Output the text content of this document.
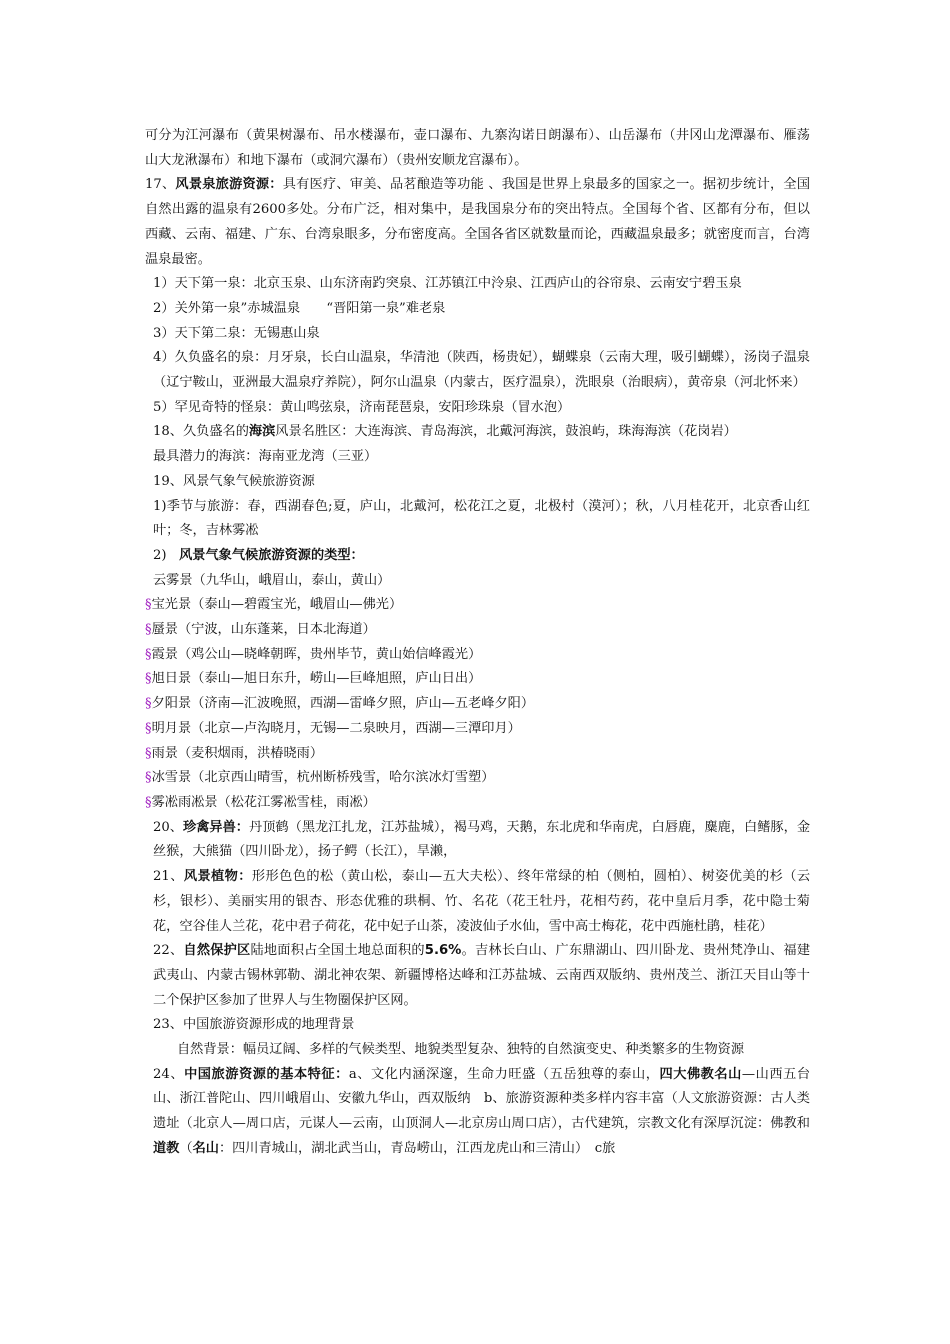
可分为江河瀑布（黄果树瀑布、吊水楼瀑布，壶口瀑布、九寨沟诺日朗瀑布）、山岳瀑布（井冈山龙潭瀑布、雁荡山大龙湫瀑布）和地下瀑布（或洞穴瀑布）（贵州安顺龙宫瀑布）。

17、风景泉旅游资源：具有医疗、审美、品茗酿造等功能 、我国是世界上泉最多的国家之一。据初步统计，全国自然出露的温泉有2600多处。分布广泛，相对集中，是我国泉分布的突出特点。全国每个省、区都有分布，但以西藏、云南、福建、广东、台湾泉眼多，分布密度高。全国各省区就数量而论，西藏温泉最多；就密度而言，台湾温泉最密。

1）天下第一泉：北京玉泉、山东济南趵突泉、江苏镇江中泠泉、江西庐山的谷帘泉、云南安宁碧玉泉

2）关外第一泉”赤城温泉　　“晋阳第一泉”难老泉

3）天下第二泉：无锡惠山泉

4）久负盛名的泉：月牙泉，长白山温泉，华清池（陕西，杨贵妃），蝴蝶泉（云南大理，吸引蝴蝶），汤岗子温泉（辽宁鞍山，亚洲最大温泉疗养院），阿尔山温泉（内蒙古，医疗温泉），洗眼泉（治眼病），黄帝泉（河北怀来）

5）罕见奇特的怪泉：黄山鸣弦泉，济南琵琶泉，安阳珍珠泉（冒水泡）

18、久负盛名的海滨风景名胜区：大连海滨、青岛海滨，北戴河海滨，鼓浪屿，珠海海滨（花岗岩）

最具潜力的海滨：海南亚龙湾（三亚）

19、风景气象气候旅游资源

1)季节与旅游：春，西湖春色;夏，庐山，北戴河，松花江之夏，北极村（漠河）；秋，八月桂花开，北京香山红叶；冬，吉林雾凇

2) 风景气象气候旅游资源的类型：

云雾景（九华山，峨眉山，泰山，黄山）

§宝光景（泰山—碧霞宝光，峨眉山—佛光）

§蜃景（宁波，山东蓬莱，日本北海道）

§霞景（鸡公山—晓峰朝晖，贵州毕节，黄山始信峰霞光）

§旭日景（泰山—旭日东升，崂山—巨峰旭照，庐山日出）

§夕阳景（济南—汇波晚照，西湖—雷峰夕照，庐山—五老峰夕阳）

§明月景（北京—卢沟晓月，无锡—二泉映月，西湖—三潭印月）

§雨景（麦积烟雨，洪椿晓雨）

§冰雪景（北京西山晴雪，杭州断桥残雪，哈尔滨冰灯雪塑）

§雾凇雨凇景（松花江雾凇雪桂，雨凇）

20、珍禽异兽：丹顶鹤（黑龙江扎龙，江苏盐城），褐马鸡，天鹅，东北虎和华南虎，白唇鹿，麋鹿，白鳍豚，金丝猴，大熊猫（四川卧龙），扬子鳄（长江），旱濑，

21、风景植物：形形色色的松（黄山松，泰山—五大夫松）、终年常绿的柏（侧柏，圆柏）、树姿优美的杉（云杉，银杉）、美丽实用的银杏、形态优雅的珙桐、竹、名花（花王牡丹，花相芍药，花中皇后月季，花中隐士菊花，空谷佳人兰花，花中君子荷花，花中妃子山茶，凌波仙子水仙，雪中高士梅花，花中西施杜鹃，桂花）

22、自然保护区陆地面积占全国土地总面积的5.6%。吉林长白山、广东鼎湖山、四川卧龙、贵州梵净山、福建武夷山、内蒙古锡林郭勒、湖北神农架、新疆博格达峰和江苏盐城、云南西双版纳、贵州茂兰、浙江天目山等十二个保护区参加了世界人与生物圈保护区网。

23、中国旅游资源形成的地理背景

自然背景：幅员辽阔、多样的气候类型、地貌类型复杂、独特的自然演变史、种类繁多的生物资源

24、中国旅游资源的基本特征：a、文化内涵深邃，生命力旺盛（五岳独尊的泰山，四大佛教名山—山西五台山、浙江普陀山、四川峨眉山、安徽九华山，西双版纳　b、旅游资源种类多样内容丰富（人文旅游资源：古人类遗址（北京人—周口店，元谋人—云南，山顶洞人—北京房山周口店），古代建筑，宗教文化有深厚沉淀：佛教和道教（名山：四川青城山，湖北武当山，青岛崂山，江西龙虎山和三清山）　c旅
